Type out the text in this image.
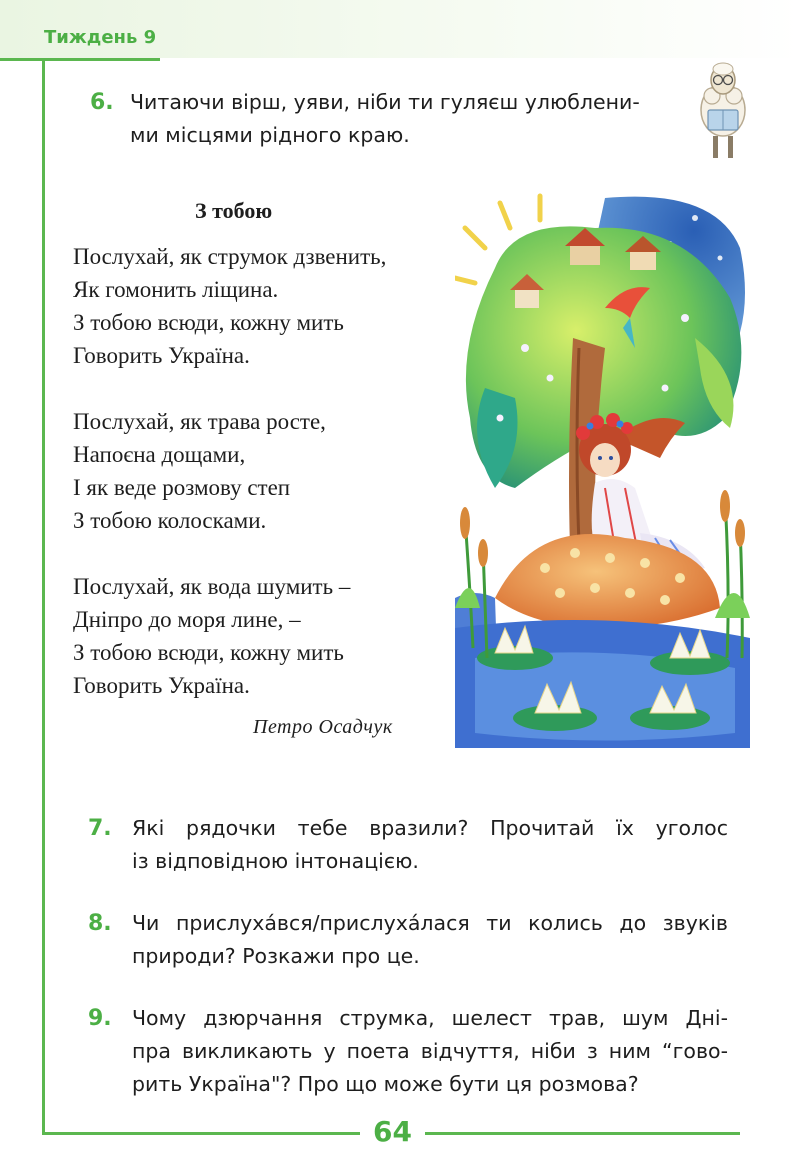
Тиждень 9
6. Читаючи вірш, уяви, ніби ти гуляєш улюблени-
ми місцями рідного краю.
З тобою
Послухай, як струмок дзвенить,
Як гомонить ліщина.
З тобою всюди, кожну мить
Говорить Україна.
Послухай, як трава росте,
Напоєна дощами,
І як веде розмову степ
З тобою колосками.
Послухай, як вода шумить –
Дніпро до моря лине, –
З тобою всюди, кожну мить
Говорить Україна.
Петро Осадчук
7. Які рядочки тебе вразили? Прочитай їх уголос
із відповідною інтонацією.
8. Чи прислуха́вся/прислуха́лася ти колись до звуків
природи? Розкажи про це.
9. Чому дзюрчання струмка, шелест трав, шум Дні-
пра викликають у поета відчуття, ніби з ним “гово-
рить Україна"? Про що може бути ця розмова?
64
